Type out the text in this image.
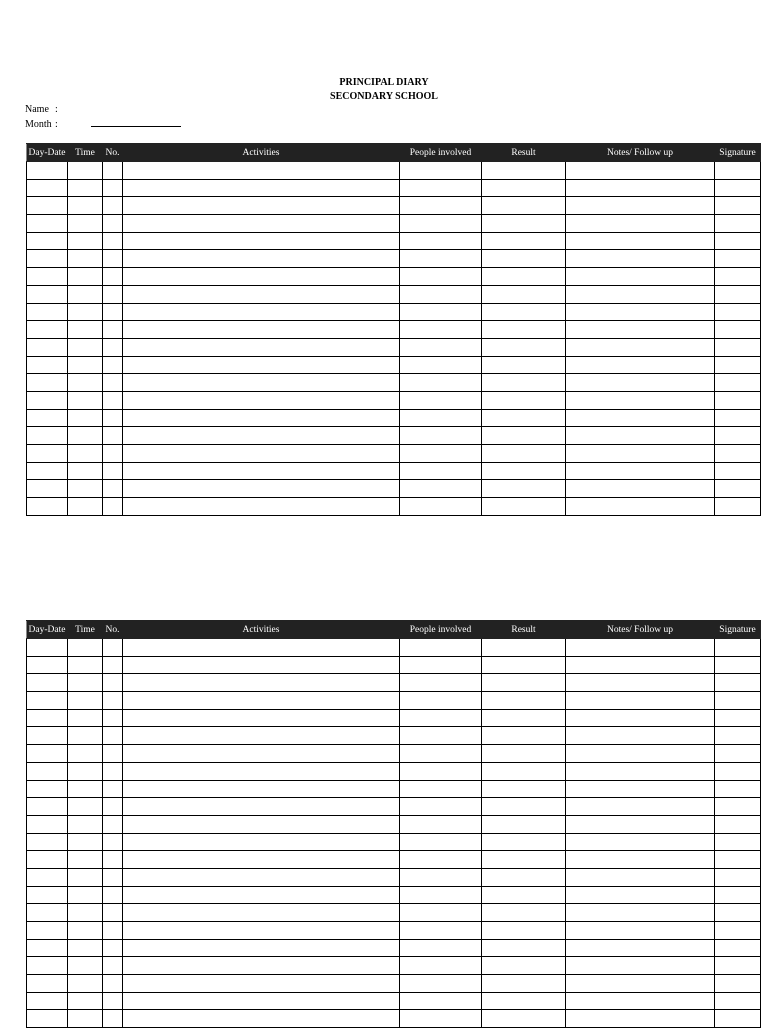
PRINCIPAL DIARY
SECONDARY SCHOOL
Name :
Month :
Day-Date	Time	No.	Activities	People involved	Result	Notes/ Follow up	Signature

Day-Date	Time	No.	Activities	People involved	Result	Notes/ Follow up	Signature
